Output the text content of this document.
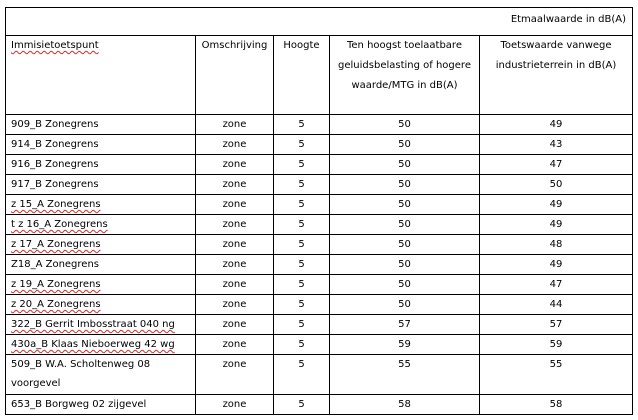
Etmaalwaarde in dB(A)				
Immisietoetspunt	Omschrijving	Hoogte	Ten hoogst toelaatbare geluidsbelasting of hogere waarde/MTG in dB(A)	Toetswaarde vanwege industrieterrein in dB(A)
909_B Zonegrens	zone	5	50	49
914_B Zonegrens	zone	5	50	43
916_B Zonegrens	zone	5	50	47
917_B Zonegrens	zone	5	50	50
z 15_A Zonegrens	zone	5	50	49
t z 16_A Zonegrens	zone	5	50	49
z 17_A Zonegrens	zone	5	50	48
Z18_A Zonegrens	zone	5	50	49
z 19_A Zonegrens	zone	5	50	47
z 20_A Zonegrens	zone	5	50	44
322_B Gerrit Imbosstraat 040 ng	zone	5	57	57
430a_B Klaas Nieboerweg 42 wg	zone	5	59	59
509_B W.A. Scholtenweg 08 voorgevel	zone	5	55	55
653_B Borgweg 02 zijgevel	zone	5	58	58
